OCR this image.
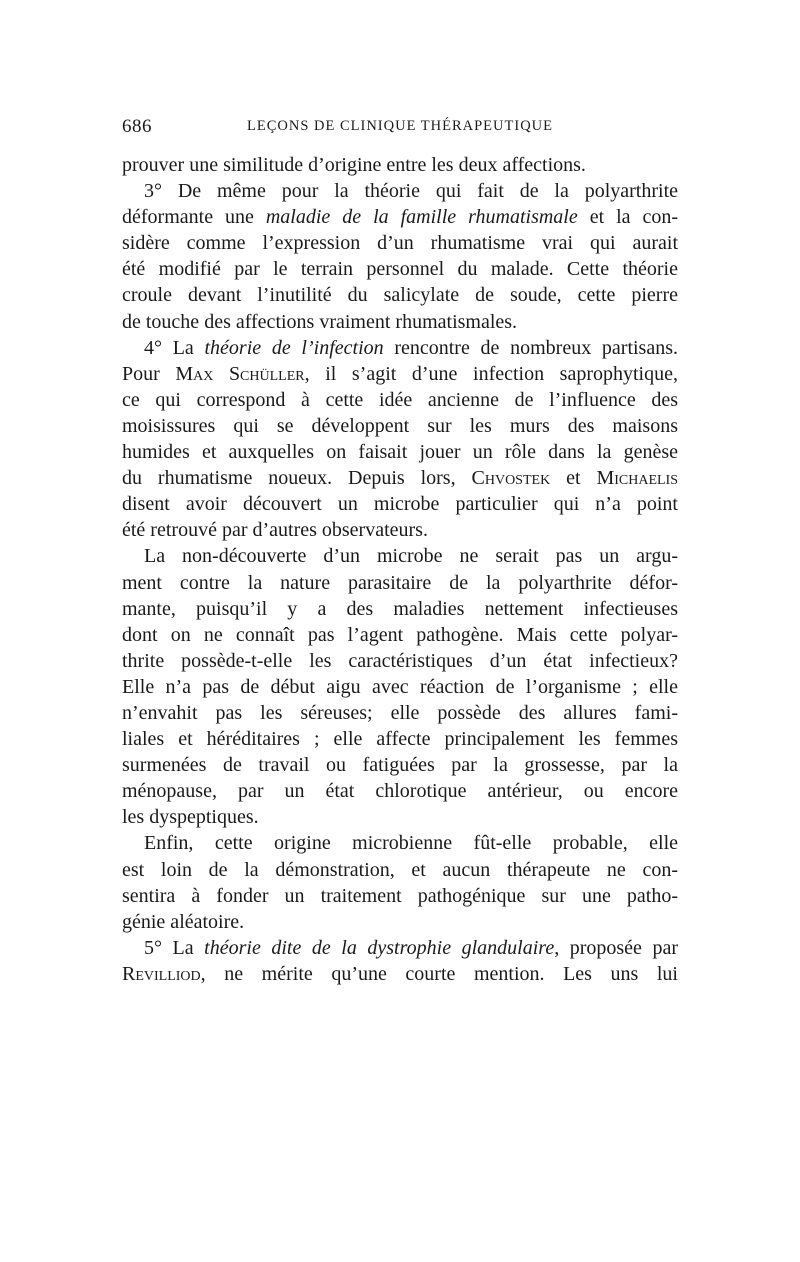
686	LEÇONS DE CLINIQUE THÉRAPEUTIQUE
prouver une similitude d’origine entre les deux affections.
3° De même pour la théorie qui fait de la polyarthrite
déformante une maladie de la famille rhumatismale et la con-
sidère comme l’expression d’un rhumatisme vrai qui aurait
été modifié par le terrain personnel du malade. Cette théorie
croule devant l’inutilité du salicylate de soude, cette pierre
de touche des affections vraiment rhumatismales.
4° La théorie de l’infection rencontre de nombreux partisans.
Pour Max Schüller, il s’agit d’une infection saprophytique,
ce qui correspond à cette idée ancienne de l’influence des
moisissures qui se développent sur les murs des maisons
humides et auxquelles on faisait jouer un rôle dans la genèse
du rhumatisme noueux. Depuis lors, Chvostek et Michaelis
disent avoir découvert un microbe particulier qui n’a point
été retrouvé par d’autres observateurs.
La non-découverte d’un microbe ne serait pas un argu-
ment contre la nature parasitaire de la polyarthrite défor-
mante, puisqu’il y a des maladies nettement infectieuses
dont on ne connaît pas l’agent pathogène. Mais cette polyar-
thrite possède-t-elle les caractéristiques d’un état infectieux?
Elle n’a pas de début aigu avec réaction de l’organisme ; elle
n’envahit pas les séreuses; elle possède des allures fami-
liales et héréditaires ; elle affecte principalement les femmes
surmenées de travail ou fatiguées par la grossesse, par la
ménopause, par un état chlorotique antérieur, ou encore
les dyspeptiques.
Enfin, cette origine microbienne fût-elle probable, elle
est loin de la démonstration, et aucun thérapeute ne con-
sentira à fonder un traitement pathogénique sur une patho-
génie aléatoire.
5° La théorie dite de la dystrophie glandulaire, proposée par
Revilliod, ne mérite qu’une courte mention. Les uns lui
